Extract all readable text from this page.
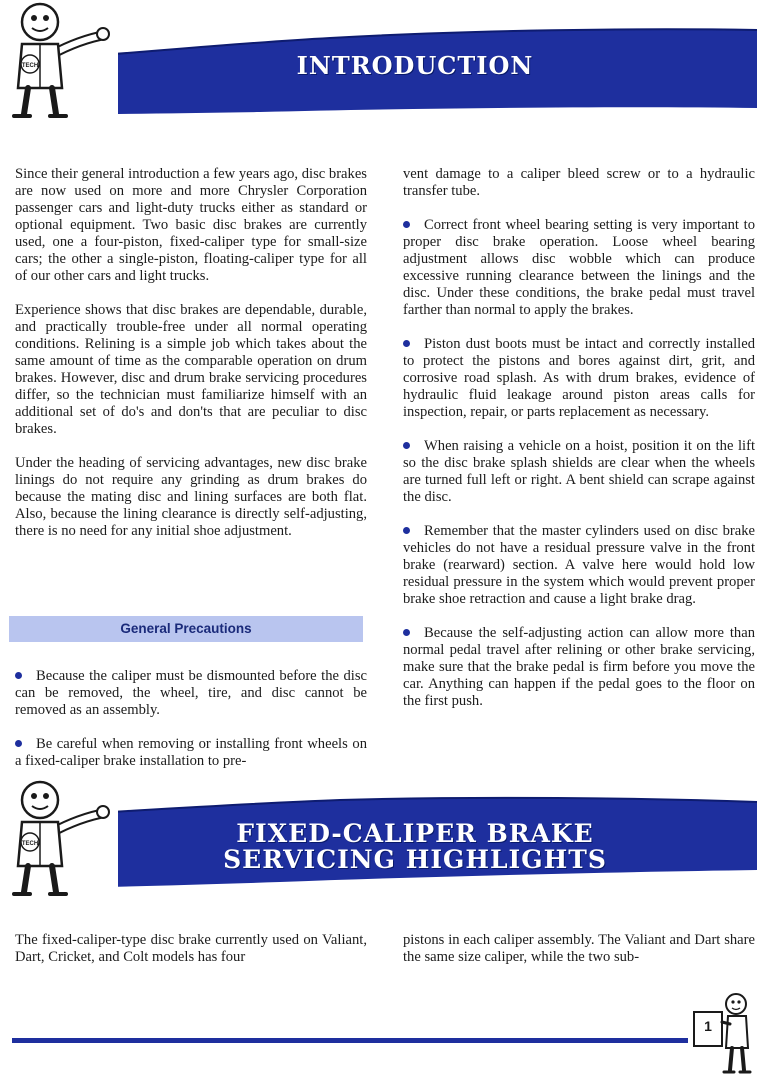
TECH	INTRODUCTION

Since their general introduction a few years ago, disc brakes are now used on more and more Chrysler Corporation passenger cars and light-duty trucks either as standard or optional equipment. Two basic disc brakes are currently used, one a four-piston, fixed-caliper type for small-size cars; the other a single-piston, floating-caliper type for all of our other cars and light trucks.

Experience shows that disc brakes are dependable, durable, and practically trouble-free under all normal operating conditions. Relining is a simple job which takes about the same amount of time as the comparable operation on drum brakes. However, disc and drum brake servicing procedures differ, so the technician must familiarize himself with an additional set of do's and don'ts that are peculiar to disc brakes.

Under the heading of servicing advantages, new disc brake linings do not require any grinding as drum brakes do because the mating disc and lining surfaces are both flat. Also, because the lining clearance is directly self-adjusting, there is no need for any initial shoe adjustment.

General Precautions

Because the caliper must be dismounted before the disc can be removed, the wheel, tire, and disc cannot be removed as an assembly.

Be careful when removing or installing front wheels on a fixed-caliper brake installation to pre-

vent damage to a caliper bleed screw or to a hydraulic transfer tube.

Correct front wheel bearing setting is very important to proper disc brake operation. Loose wheel bearing adjustment allows disc wobble which can produce excessive running clearance between the linings and the disc. Under these conditions, the brake pedal must travel farther than normal to apply the brakes.

Piston dust boots must be intact and correctly installed to protect the pistons and bores against dirt, grit, and corrosive road splash. As with drum brakes, evidence of hydraulic fluid leakage around piston areas calls for inspection, repair, or parts replacement as necessary.

When raising a vehicle on a hoist, position it on the lift so the disc brake splash shields are clear when the wheels are turned full left or right. A bent shield can scrape against the disc.

Remember that the master cylinders used on disc brake vehicles do not have a residual pressure valve in the front brake (rearward) section. A valve here would hold low residual pressure in the system which would prevent proper brake shoe retraction and cause a light brake drag.

Because the self-adjusting action can allow more than normal pedal travel after relining or other brake servicing, make sure that the brake pedal is firm before you move the car. Anything can happen if the pedal goes to the floor on the first push.

TECH	FIXED-CALIPER BRAKE
SERVICING HIGHLIGHTS

The fixed-caliper-type disc brake currently used on Valiant, Dart, Cricket, and Colt models has four

pistons in each caliper assembly. The Valiant and Dart share the same size caliper, while the two sub-

1
